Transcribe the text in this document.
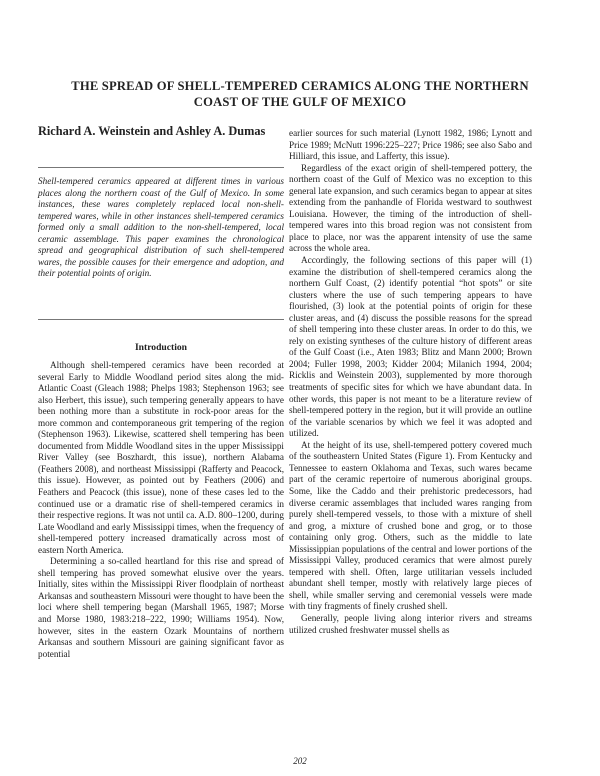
THE SPREAD OF SHELL-TEMPERED CERAMICS ALONG THE NORTHERN COAST OF THE GULF OF MEXICO
Richard A. Weinstein and Ashley A. Dumas

Shell-tempered ceramics appeared at different times in various places along the northern coast of the Gulf of Mexico. In some instances, these wares completely replaced local non-shell-tempered wares, while in other instances shell-tempered ceramics formed only a small addition to the non-shell-tempered, local ceramic assemblage. This paper examines the chronological spread and geographical distribution of such shell-tempered wares, the possible causes for their emergence and adoption, and their potential points of origin.

Introduction

Although shell-tempered ceramics have been recorded at several Early to Middle Woodland period sites along the mid-Atlantic Coast (Gleach 1988; Phelps 1983; Stephenson 1963; see also Herbert, this issue), such tempering generally appears to have been nothing more than a substitute in rock-poor areas for the more common and contemporaneous grit tempering of the region (Stephenson 1963). Likewise, scattered shell tempering has been documented from Middle Woodland sites in the upper Mississippi River Valley (see Boszhardt, this issue), northern Alabama (Feathers 2008), and northeast Mississippi (Rafferty and Peacock, this issue). However, as pointed out by Feathers (2006) and Feathers and Peacock (this issue), none of these cases led to the continued use or a dramatic rise of shell-tempered ceramics in their respective regions. It was not until ca. A.D. 800–1200, during Late Woodland and early Mississippi times, when the frequency of shell-tempered pottery increased dramatically across most of eastern North America.

Determining a so-called heartland for this rise and spread of shell tempering has proved somewhat elusive over the years. Initially, sites within the Mississippi River floodplain of northeast Arkansas and southeastern Missouri were thought to have been the loci where shell tempering began (Marshall 1965, 1987; Morse and Morse 1980, 1983:218–222, 1990; Williams 1954). Now, however, sites in the eastern Ozark Mountains of northern Arkansas and southern Missouri are gaining significant favor as potential

earlier sources for such material (Lynott 1982, 1986; Lynott and Price 1989; McNutt 1996:225–227; Price 1986; see also Sabo and Hilliard, this issue, and Lafferty, this issue).

Regardless of the exact origin of shell-tempered pottery, the northern coast of the Gulf of Mexico was no exception to this general late expansion, and such ceramics began to appear at sites extending from the panhandle of Florida westward to southwest Louisiana. However, the timing of the introduction of shell-tempered wares into this broad region was not consistent from place to place, nor was the apparent intensity of use the same across the whole area.

Accordingly, the following sections of this paper will (1) examine the distribution of shell-tempered ceramics along the northern Gulf Coast, (2) identify potential “hot spots” or site clusters where the use of such tempering appears to have flourished, (3) look at the potential points of origin for these cluster areas, and (4) discuss the possible reasons for the spread of shell tempering into these cluster areas. In order to do this, we rely on existing syntheses of the culture history of different areas of the Gulf Coast (i.e., Aten 1983; Blitz and Mann 2000; Brown 2004; Fuller 1998, 2003; Kidder 2004; Milanich 1994, 2004; Ricklis and Weinstein 2003), supplemented by more thorough treatments of specific sites for which we have abundant data. In other words, this paper is not meant to be a literature review of shell-tempered pottery in the region, but it will provide an outline of the variable scenarios by which we feel it was adopted and utilized.

At the height of its use, shell-tempered pottery covered much of the southeastern United States (Figure 1). From Kentucky and Tennessee to eastern Oklahoma and Texas, such wares became part of the ceramic repertoire of numerous aboriginal groups. Some, like the Caddo and their prehistoric predecessors, had diverse ceramic assemblages that included wares ranging from purely shell-tempered vessels, to those with a mixture of shell and grog, a mixture of crushed bone and grog, or to those containing only grog. Others, such as the middle to late Mississippian populations of the central and lower portions of the Mississippi Valley, produced ceramics that were almost purely tempered with shell. Often, large utilitarian vessels included abundant shell temper, mostly with relatively large pieces of shell, while smaller serving and ceremonial vessels were made with tiny fragments of finely crushed shell.

Generally, people living along interior rivers and streams utilized crushed freshwater mussel shells as

202
